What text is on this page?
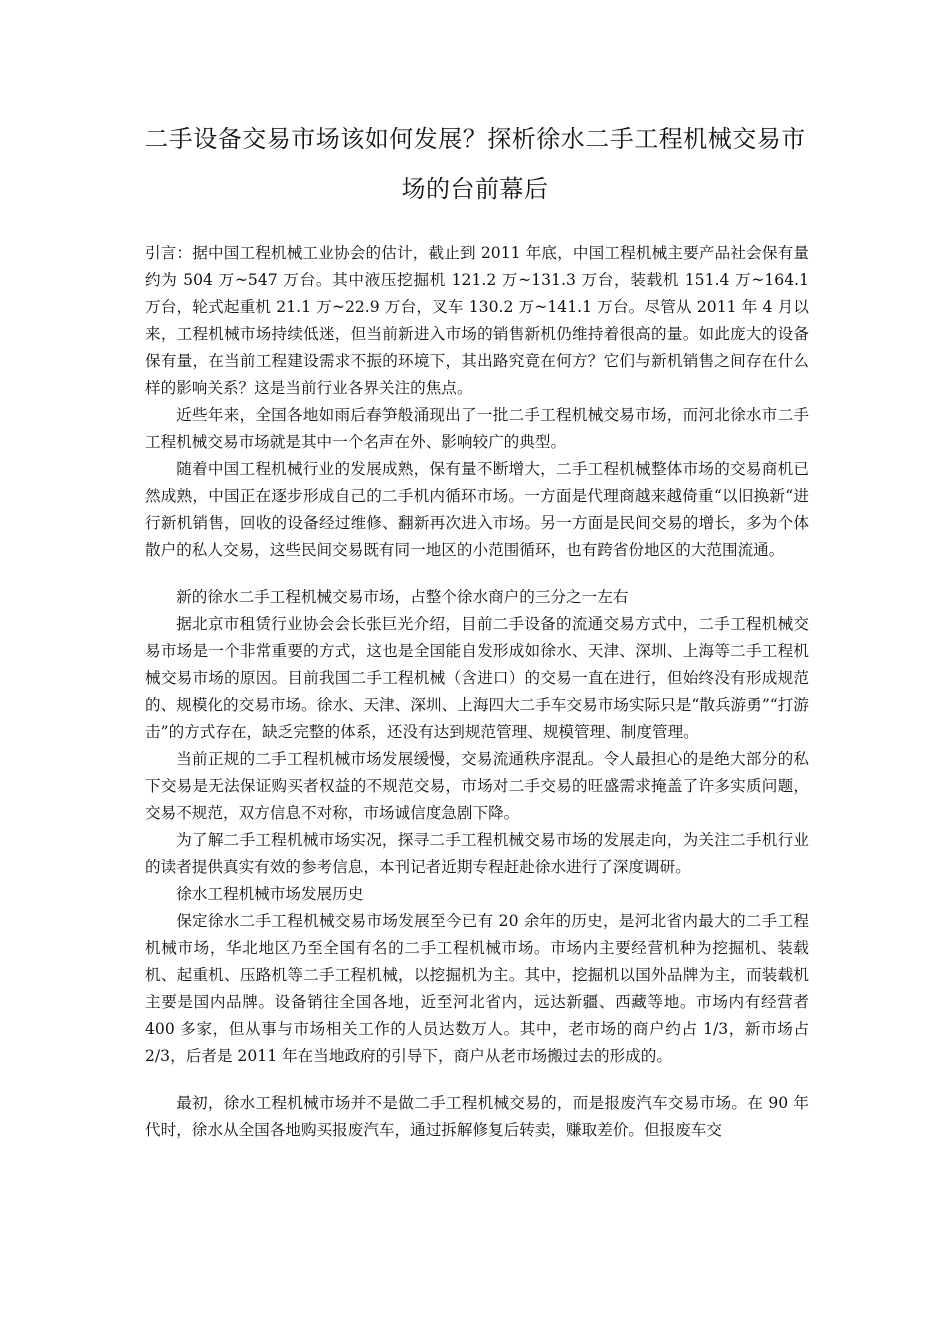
二手设备交易市场该如何发展？探析徐水二手工程机械交易市场的台前幕后

引言：据中国工程机械工业协会的估计，截止到 2011 年底，中国工程机械主要产品社会保有量约为 504 万~547 万台。其中液压挖掘机 121.2 万~131.3 万台，装载机 151.4 万~164.1 万台，轮式起重机 21.1 万~22.9 万台，叉车 130.2 万~141.1 万台。尽管从 2011 年 4 月以来，工程机械市场持续低迷，但当前新进入市场的销售新机仍维持着很高的量。如此庞大的设备保有量，在当前工程建设需求不振的环境下，其出路究竟在何方？它们与新机销售之间存在什么样的影响关系？这是当前行业各界关注的焦点。

近些年来，全国各地如雨后春笋般涌现出了一批二手工程机械交易市场，而河北徐水市二手工程机械交易市场就是其中一个名声在外、影响较广的典型。

随着中国工程机械行业的发展成熟，保有量不断增大，二手工程机械整体市场的交易商机已然成熟，中国正在逐步形成自己的二手机内循环市场。一方面是代理商越来越倚重“以旧换新“进行新机销售，回收的设备经过维修、翻新再次进入市场。另一方面是民间交易的增长，多为个体散户的私人交易，这些民间交易既有同一地区的小范围循环，也有跨省份地区的大范围流通。

新的徐水二手工程机械交易市场，占整个徐水商户的三分之一左右

据北京市租赁行业协会会长张巨光介绍，目前二手设备的流通交易方式中，二手工程机械交易市场是一个非常重要的方式，这也是全国能自发形成如徐水、天津、深圳、上海等二手工程机械交易市场的原因。目前我国二手工程机械（含进口）的交易一直在进行，但始终没有形成规范的、规模化的交易市场。徐水、天津、深圳、上海四大二手车交易市场实际只是“散兵游勇”“打游击”的方式存在，缺乏完整的体系，还没有达到规范管理、规模管理、制度管理。

当前正规的二手工程机械市场发展缓慢，交易流通秩序混乱。令人最担心的是绝大部分的私下交易是无法保证购买者权益的不规范交易，市场对二手交易的旺盛需求掩盖了许多实质问题，交易不规范，双方信息不对称，市场诚信度急剧下降。

为了解二手工程机械市场实况，探寻二手工程机械交易市场的发展走向，为关注二手机行业的读者提供真实有效的参考信息，本刊记者近期专程赶赴徐水进行了深度调研。

徐水工程机械市场发展历史

保定徐水二手工程机械交易市场发展至今已有 20 余年的历史，是河北省内最大的二手工程机械市场，华北地区乃至全国有名的二手工程机械市场。市场内主要经营机种为挖掘机、装载机、起重机、压路机等二手工程机械，以挖掘机为主。其中，挖掘机以国外品牌为主，而装载机主要是国内品牌。设备销往全国各地，近至河北省内，远达新疆、西藏等地。市场内有经营者 400 多家，但从事与市场相关工作的人员达数万人。其中，老市场的商户约占 1/3，新市场占 2/3，后者是 2011 年在当地政府的引导下，商户从老市场搬过去的形成的。

最初，徐水工程机械市场并不是做二手工程机械交易的，而是报废汽车交易市场。在 90 年代时，徐水从全国各地购买报废汽车，通过拆解修复后转卖，赚取差价。但报废车交
